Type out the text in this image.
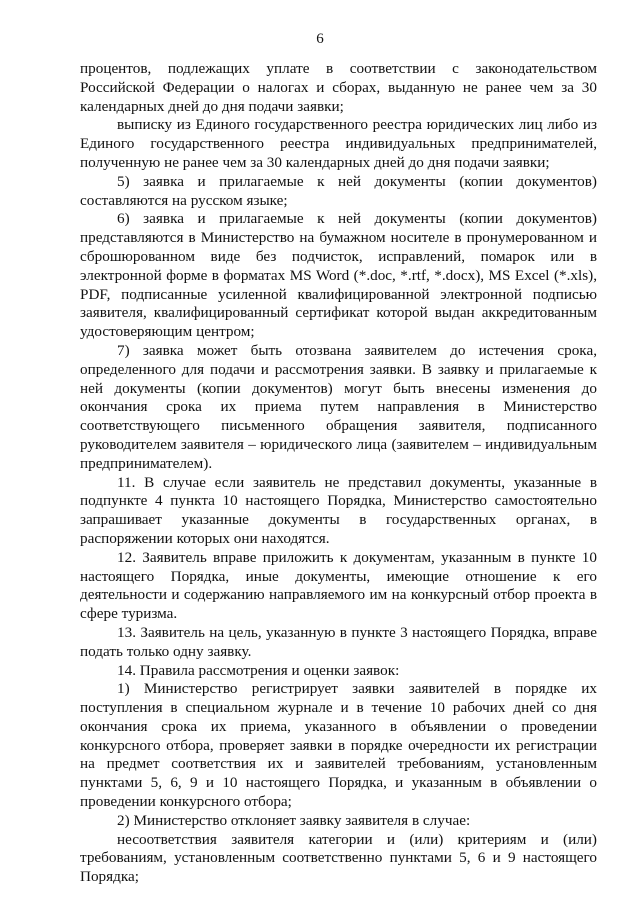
6

процентов, подлежащих уплате в соответствии с законодательством Российской Федерации о налогах и сборах, выданную не ранее чем за 30 календарных дней до дня подачи заявки;

выписку из Единого государственного реестра юридических лиц либо из Единого государственного реестра индивидуальных предпринимателей, полученную не ранее чем за 30 календарных дней до дня подачи заявки;

5) заявка и прилагаемые к ней документы (копии документов) составляются на русском языке;

6) заявка и прилагаемые к ней документы (копии документов) представляются в Министерство на бумажном носителе в пронумерованном и сброшюрованном виде без подчисток, исправлений, помарок или в электронной форме в форматах MS Word (*.doc, *.rtf, *.docx), MS Excel (*.xls), PDF, подписанные усиленной квалифицированной электронной подписью заявителя, квалифицированный сертификат которой выдан аккредитованным удостоверяющим центром;

7) заявка может быть отозвана заявителем до истечения срока, определенного для подачи и рассмотрения заявки. В заявку и прилагаемые к ней документы (копии документов) могут быть внесены изменения до окончания срока их приема путем направления в Министерство соответствующего письменного обращения заявителя, подписанного руководителем заявителя – юридического лица (заявителем – индивидуальным предпринимателем).

11. В случае если заявитель не представил документы, указанные в подпункте 4 пункта 10 настоящего Порядка, Министерство самостоятельно запрашивает указанные документы в государственных органах, в распоряжении которых они находятся.

12. Заявитель вправе приложить к документам, указанным в пункте 10 настоящего Порядка, иные документы, имеющие отношение к его деятельности и содержанию направляемого им на конкурсный отбор проекта в сфере туризма.

13. Заявитель на цель, указанную в пункте 3 настоящего Порядка, вправе подать только одну заявку.

14. Правила рассмотрения и оценки заявок:

1) Министерство регистрирует заявки заявителей в порядке их поступления в специальном журнале и в течение 10 рабочих дней со дня окончания срока их приема, указанного в объявлении о проведении конкурсного отбора, проверяет заявки в порядке очередности их регистрации на предмет соответствия их и заявителей требованиям, установленным пунктами 5, 6, 9 и 10 настоящего Порядка, и указанным в объявлении о проведении конкурсного отбора;

2) Министерство отклоняет заявку заявителя в случае:

несоответствия заявителя категории и (или) критериям и (или) требованиям, установленным соответственно пунктами 5, 6 и 9 настоящего Порядка;
